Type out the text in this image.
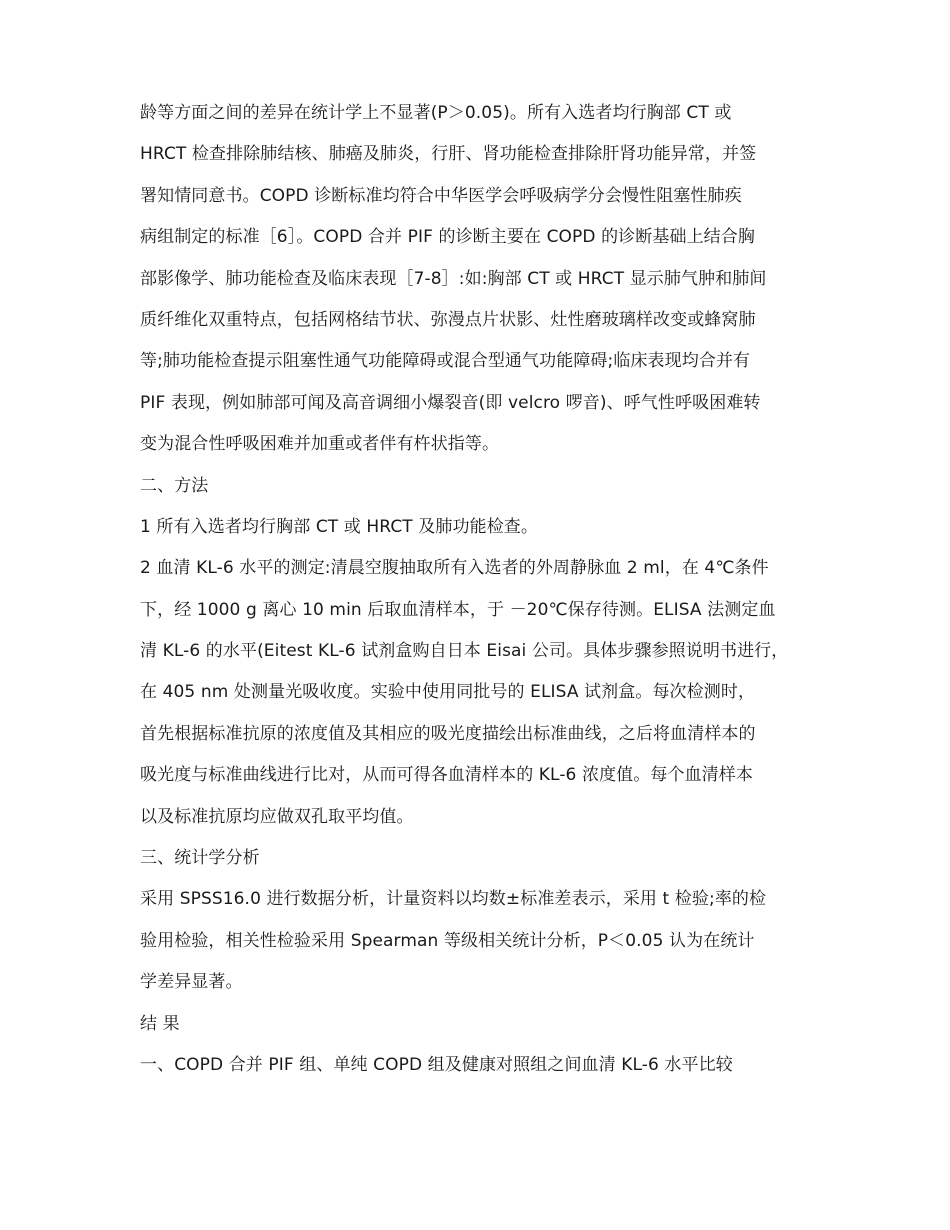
龄等方面之间的差异在统计学上不显著(P＞0.05)。所有入选者均行胸部 CT 或
HRCT 检查排除肺结核、肺癌及肺炎，行肝、肾功能检查排除肝肾功能异常，并签
署知情同意书。COPD 诊断标准均符合中华医学会呼吸病学分会慢性阻塞性肺疾
病组制定的标准［6］。COPD 合并 PIF 的诊断主要在 COPD 的诊断基础上结合胸
部影像学、肺功能检查及临床表现［7-8］:如:胸部 CT 或 HRCT 显示肺气肿和肺间
质纤维化双重特点，包括网格结节状、弥漫点片状影、灶性磨玻璃样改变或蜂窝肺
等;肺功能检查提示阻塞性通气功能障碍或混合型通气功能障碍;临床表现均合并有
PIF 表现，例如肺部可闻及高音调细小爆裂音(即 velcro 啰音)、呼气性呼吸困难转
变为混合性呼吸困难并加重或者伴有杵状指等。
二、方法
1 所有入选者均行胸部 CT 或 HRCT 及肺功能检查。
2 血清 KL-6 水平的测定:清晨空腹抽取所有入选者的外周静脉血 2 ml，在 4℃条件
下，经 1000 g 离心 10 min 后取血清样本，于 －20℃保存待测。ELISA 法测定血
清 KL-6 的水平(Eitest KL-6 试剂盒购自日本 Eisai 公司。具体步骤参照说明书进行，
在 405 nm 处测量光吸收度。实验中使用同批号的 ELISA 试剂盒。每次检测时，
首先根据标准抗原的浓度值及其相应的吸光度描绘出标准曲线，之后将血清样本的
吸光度与标准曲线进行比对，从而可得各血清样本的 KL-6 浓度值。每个血清样本
以及标准抗原均应做双孔取平均值。
三、统计学分析
采用 SPSS16.0 进行数据分析，计量资料以均数±标准差表示，采用 t 检验;率的检
验用检验，相关性检验采用 Spearman 等级相关统计分析，P＜0.05 认为在统计
学差异显著。
结 果
一、COPD 合并 PIF 组、单纯 COPD 组及健康对照组之间血清 KL-6 水平比较
